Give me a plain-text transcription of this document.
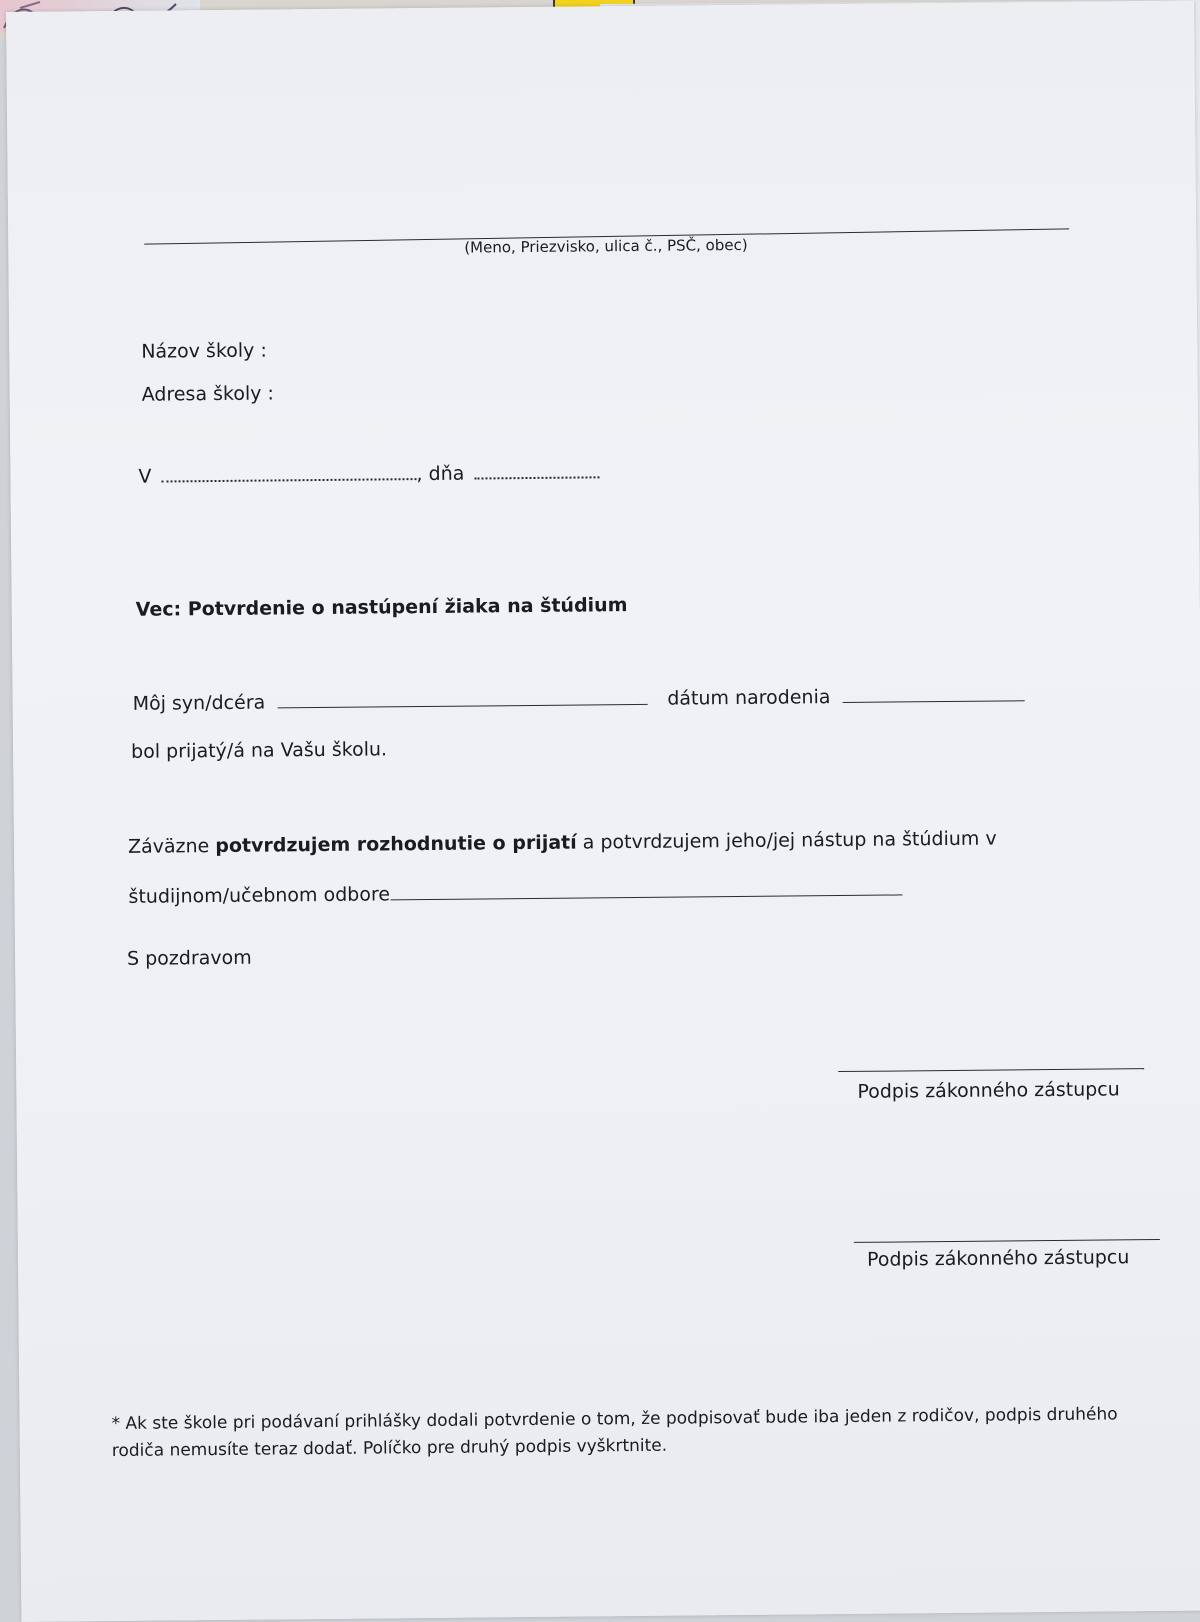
(Meno, Priezvisko, ulica č., PSČ, obec)
Názov školy :
Adresa školy :
V	, dňa
Vec: Potvrdenie o nastúpení žiaka na štúdium
Môj syn/dcéra	dátum narodenia
bol prijatý/á na Vašu školu.
Záväzne potvrdzujem rozhodnutie o prijatí a potvrdzujem jeho/jej nástup na štúdium v
študijnom/učebnom odbore
S pozdravom
Podpis zákonného zástupcu
Podpis zákonného zástupcu
* Ak ste škole pri podávaní prihlášky dodali potvrdenie o tom, že podpisovať bude iba jeden z rodičov, podpis druhého
rodiča nemusíte teraz dodať. Políčko pre druhý podpis vyškrtnite.
